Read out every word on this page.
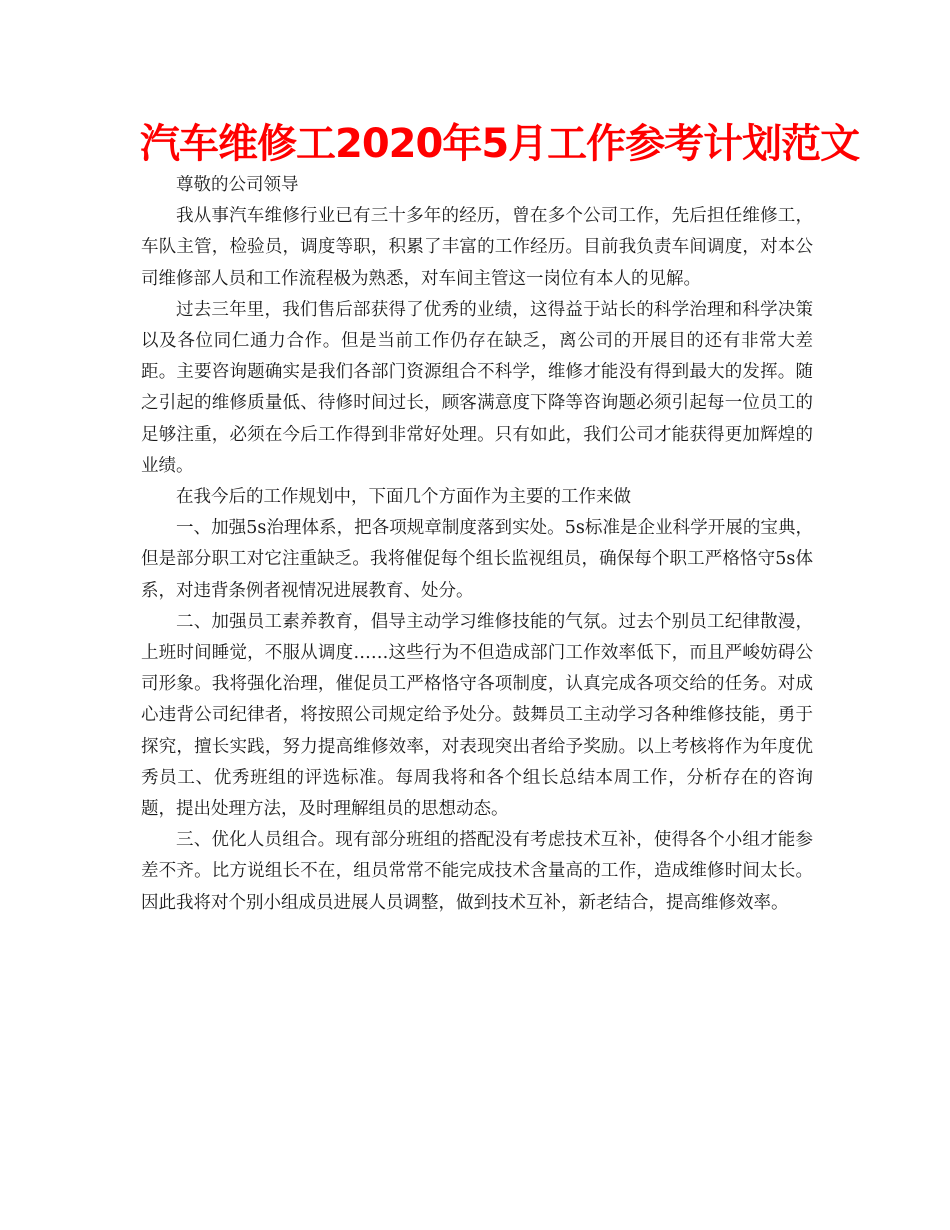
汽车维修工2020年5月工作参考计划范文

尊敬的公司领导

我从事汽车维修行业已有三十多年的经历，曾在多个公司工作，先后担任维修工，车队主管，检验员，调度等职，积累了丰富的工作经历。目前我负责车间调度，对本公司维修部人员和工作流程极为熟悉，对车间主管这一岗位有本人的见解。

过去三年里，我们售后部获得了优秀的业绩，这得益于站长的科学治理和科学决策以及各位同仁通力合作。但是当前工作仍存在缺乏，离公司的开展目的还有非常大差距。主要咨询题确实是我们各部门资源组合不科学，维修才能没有得到最大的发挥。随之引起的维修质量低、待修时间过长，顾客满意度下降等咨询题必须引起每一位员工的足够注重，必须在今后工作得到非常好处理。只有如此，我们公司才能获得更加辉煌的业绩。

在我今后的工作规划中，下面几个方面作为主要的工作来做

一、加强5s治理体系，把各项规章制度落到实处。5s标准是企业科学开展的宝典，但是部分职工对它注重缺乏。我将催促每个组长监视组员，确保每个职工严格恪守5s体系，对违背条例者视情况进展教育、处分。

二、加强员工素养教育，倡导主动学习维修技能的气氛。过去个别员工纪律散漫，上班时间睡觉，不服从调度……这些行为不但造成部门工作效率低下，而且严峻妨碍公司形象。我将强化治理，催促员工严格恪守各项制度，认真完成各项交给的任务。对成心违背公司纪律者，将按照公司规定给予处分。鼓舞员工主动学习各种维修技能，勇于探究，擅长实践，努力提高维修效率，对表现突出者给予奖励。以上考核将作为年度优秀员工、优秀班组的评选标准。每周我将和各个组长总结本周工作，分析存在的咨询题，提出处理方法，及时理解组员的思想动态。

三、优化人员组合。现有部分班组的搭配没有考虑技术互补，使得各个小组才能参差不齐。比方说组长不在，组员常常不能完成技术含量高的工作，造成维修时间太长。因此我将对个别小组成员进展人员调整，做到技术互补，新老结合，提高维修效率。
